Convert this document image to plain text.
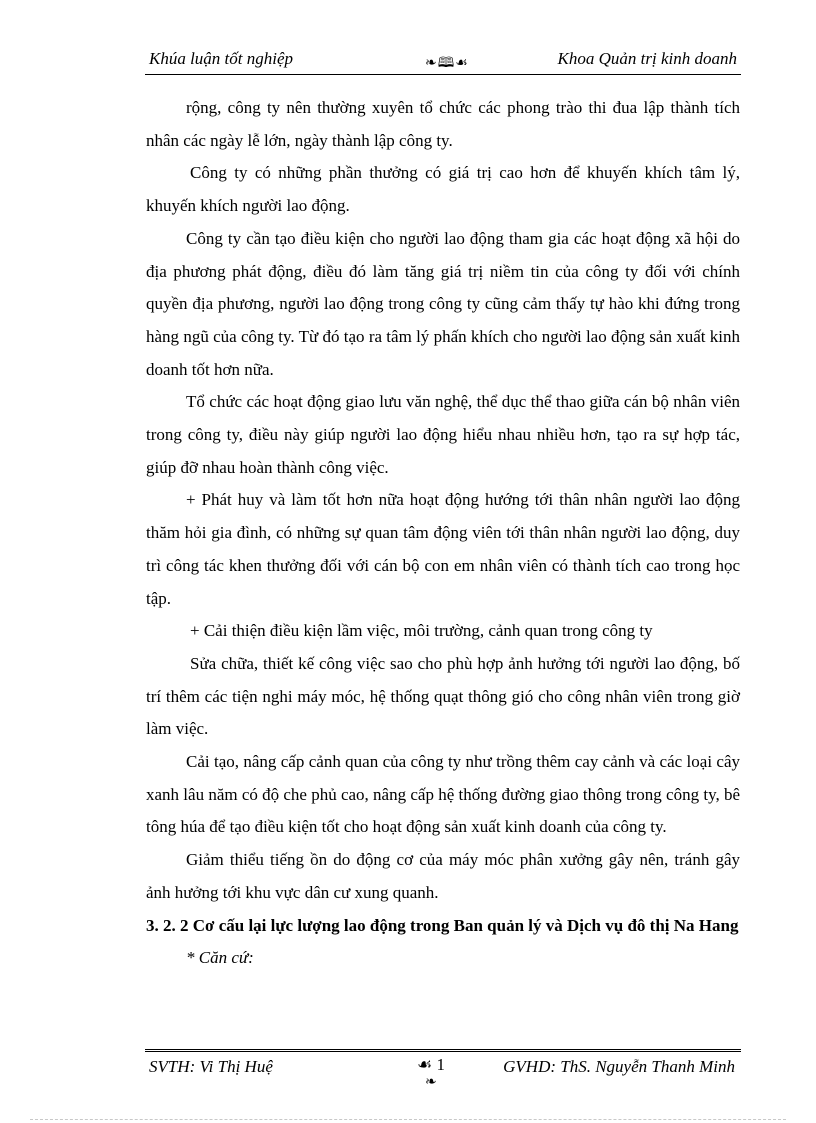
Khúa luận tốt nghiệp	❧🕮☙	Khoa Quản trị kinh doanh

rộng, công ty nên thường xuyên tổ chức các phong trào thi đua lập thành tích nhân các ngày lễ lớn, ngày thành lập công ty.

Công ty có những phần thưởng có giá trị cao hơn để khuyến khích tâm lý, khuyến khích người lao động.

Công ty cần tạo điều kiện cho người lao động tham gia các hoạt động xã hội do địa phương phát động, điều đó làm tăng giá trị niềm tin của công ty đối với chính quyền địa phương, người lao động trong công ty cũng cảm thấy tự hào khi đứng trong hàng ngũ của công ty. Từ đó tạo ra tâm lý phấn khích cho người lao động sản xuất kinh doanh tốt hơn nữa.

Tổ chức các hoạt động giao lưu văn nghệ, thể dục thể thao giữa cán bộ nhân viên trong công ty, điều này giúp người lao động hiểu nhau nhiều hơn, tạo ra sự hợp tác, giúp đỡ nhau hoàn thành công việc.

+ Phát huy và làm tốt hơn nữa hoạt động hướng tới thân nhân người lao động thăm hỏi gia đình, có những sự quan tâm động viên tới thân nhân người lao động, duy trì công tác khen thưởng đối với cán bộ con em nhân viên có thành tích cao trong học tập.

+ Cải thiện điều kiện lầm việc, môi trường, cảnh quan trong công ty

Sửa chữa, thiết kế công việc sao cho phù hợp ảnh hưởng tới người lao động, bố trí thêm các tiện nghi máy móc, hệ thống quạt thông gió cho công nhân viên trong giờ làm việc.

Cải tạo, nâng cấp cảnh quan của công ty như trồng thêm cay cảnh và các loại cây xanh lâu năm có độ che phủ cao, nâng cấp hệ thống đường giao thông trong công ty, bê tông húa để tạo điều kiện tốt cho hoạt động sản xuất kinh doanh của công ty.

Giảm thiểu tiếng ồn do động cơ của máy móc phân xưởng gây nên, tránh gây ảnh hưởng tới khu vực dân cư xung quanh.

3. 2. 2 Cơ cấu lại lực lượng lao động trong Ban quản lý và Dịch vụ đô thị Na Hang

* Căn cứ:

SVTH: Vi Thị Huệ	☙ 1
❧
GVHD: ThS. Nguyễn Thanh Minh
